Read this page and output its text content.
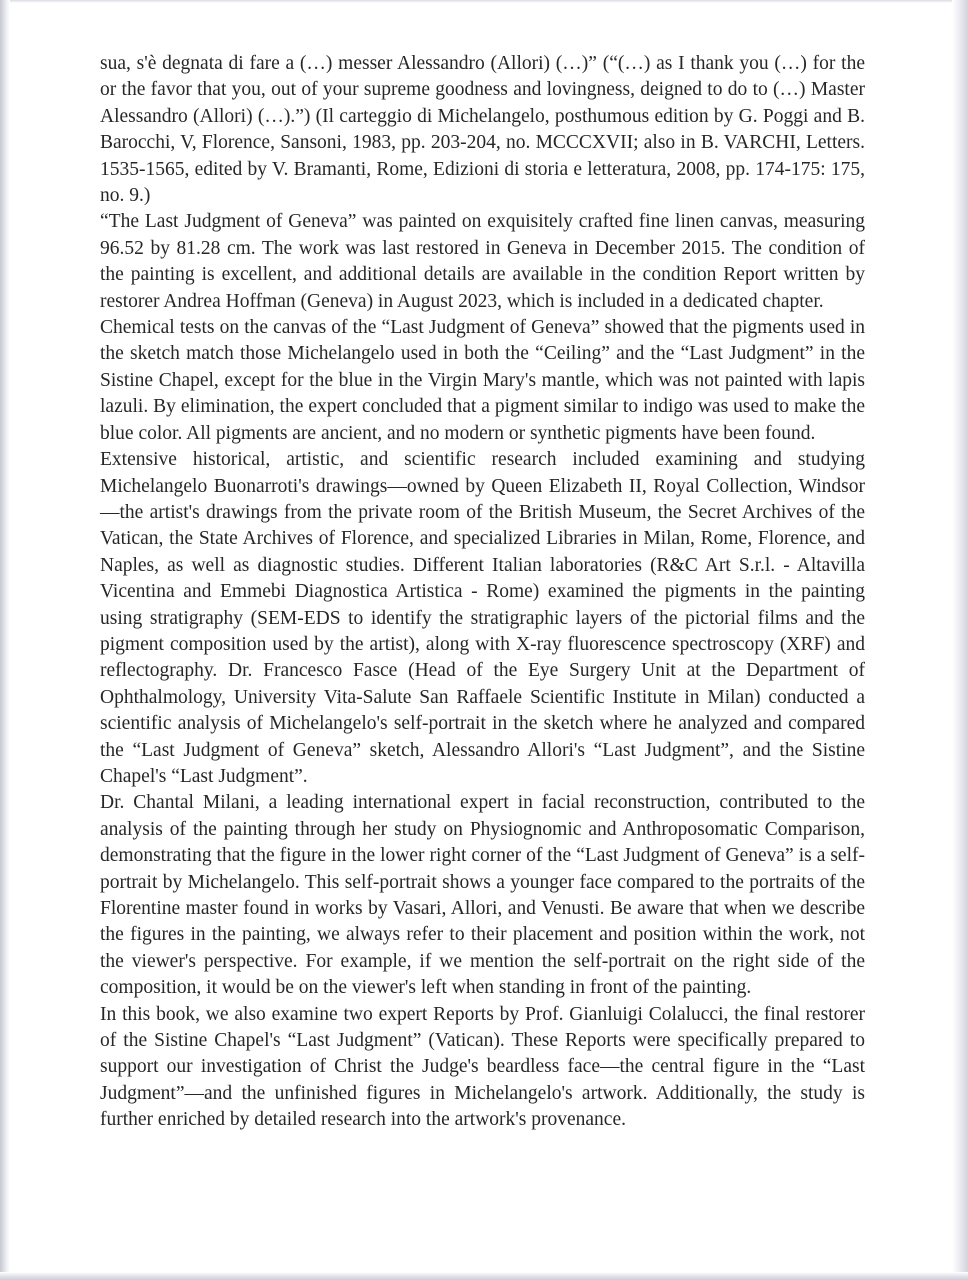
sua, s'è degnata di fare a (…) messer Alessandro (Allori) (…)” (“(…) as I thank you (…) for the or the favor that you, out of your supreme goodness and lovingness, deigned to do to (…) Master Alessandro (Allori) (…).”) (Il carteggio di Michelangelo, posthumous edition by G. Poggi and B. Barocchi, V, Florence, Sansoni, 1983, pp. 203-204, no. MCCCXVII; also in B. VARCHI, Letters. 1535-1565, edited by V. Bramanti, Rome, Edizioni di storia e letteratura, 2008, pp. 174-175: 175, no. 9.)

“The Last Judgment of Geneva” was painted on exquisitely crafted fine linen canvas, measuring 96.52 by 81.28 cm. The work was last restored in Geneva in December 2015. The condition of the painting is excellent, and additional details are available in the condition Report written by restorer Andrea Hoffman (Geneva) in August 2023, which is included in a dedicated chapter.

Chemical tests on the canvas of the “Last Judgment of Geneva” showed that the pigments used in the sketch match those Michelangelo used in both the “Ceiling” and the “Last Judgment” in the Sistine Chapel, except for the blue in the Virgin Mary's mantle, which was not painted with lapis lazuli. By elimination, the expert concluded that a pigment similar to indigo was used to make the blue color. All pigments are ancient, and no modern or synthetic pigments have been found.

Extensive historical, artistic, and scientific research included examining and studying Michelangelo Buonarroti's drawings—owned by Queen Elizabeth II, Royal Collection, Windsor—the artist's drawings from the private room of the British Museum, the Secret Archives of the Vatican, the State Archives of Florence, and specialized Libraries in Milan, Rome, Florence, and Naples, as well as diagnostic studies. Different Italian laboratories (R&C Art S.r.l. - Altavilla Vicentina and Emmebi Diagnostica Artistica - Rome) examined the pigments in the painting using stratigraphy (SEM-EDS to identify the stratigraphic layers of the pictorial films and the pigment composition used by the artist), along with X-ray fluorescence spectroscopy (XRF) and reflectography. Dr. Francesco Fasce (Head of the Eye Surgery Unit at the Department of Ophthalmology, University Vita-Salute San Raffaele Scientific Institute in Milan) conducted a scientific analysis of Michelangelo's self-portrait in the sketch where he analyzed and compared the “Last Judgment of Geneva” sketch, Alessandro Allori's “Last Judgment”, and the Sistine Chapel's “Last Judgment”.

Dr. Chantal Milani, a leading international expert in facial reconstruction, contributed to the analysis of the painting through her study on Physiognomic and Anthroposomatic Comparison, demonstrating that the figure in the lower right corner of the “Last Judgment of Geneva” is a self-portrait by Michelangelo. This self-portrait shows a younger face compared to the portraits of the Florentine master found in works by Vasari, Allori, and Venusti. Be aware that when we describe the figures in the painting, we always refer to their placement and position within the work, not the viewer's perspective. For example, if we mention the self-portrait on the right side of the composition, it would be on the viewer's left when standing in front of the painting.

In this book, we also examine two expert Reports by Prof. Gianluigi Colalucci, the final restorer of the Sistine Chapel's “Last Judgment” (Vatican). These Reports were specifically prepared to support our investigation of Christ the Judge's beardless face—the central figure in the “Last Judgment”—and the unfinished figures in Michelangelo's artwork. Additionally, the study is further enriched by detailed research into the artwork's provenance.
